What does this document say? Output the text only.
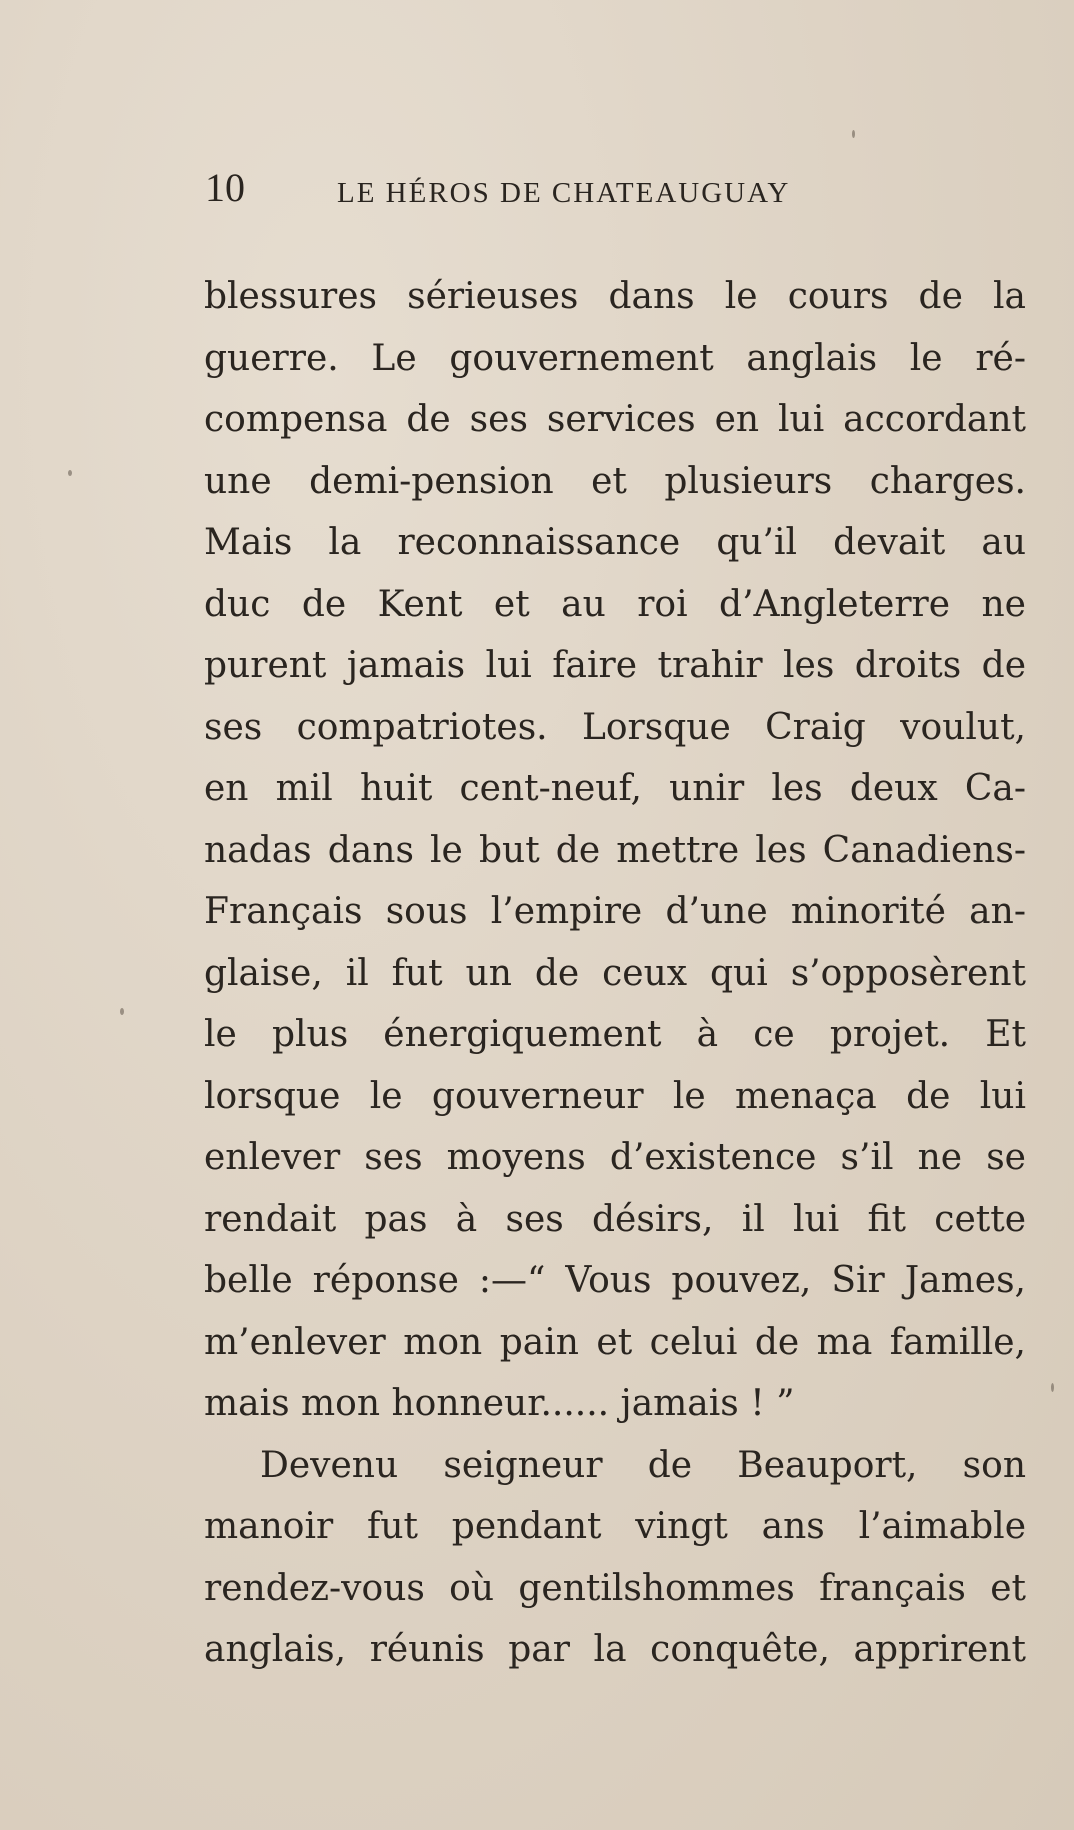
10	LE HÉROS DE CHATEAUGUAY
blessures sérieuses dans le cours de la
guerre. Le gouvernement anglais le ré-
compensa de ses services en lui accordant
une demi-pension et plusieurs charges.
Mais la reconnaissance qu’il devait au
duc de Kent et au roi d’Angleterre ne
purent jamais lui faire trahir les droits de
ses compatriotes. Lorsque Craig voulut,
en mil huit cent-neuf, unir les deux Ca-
nadas dans le but de mettre les Canadiens-
Français sous l’empire d’une minorité an-
glaise, il fut un de ceux qui s’opposèrent
le plus énergiquement à ce projet. Et
lorsque le gouverneur le menaça de lui
enlever ses moyens d’existence s’il ne se
rendait pas à ses désirs, il lui fit cette
belle réponse :—“ Vous pouvez, Sir James,
m’enlever mon pain et celui de ma famille,
mais mon honneur...... jamais ! ”
Devenu seigneur de Beauport, son
manoir fut pendant vingt ans l’aimable
rendez-vous où gentilshommes français et
anglais, réunis par la conquête, apprirent
